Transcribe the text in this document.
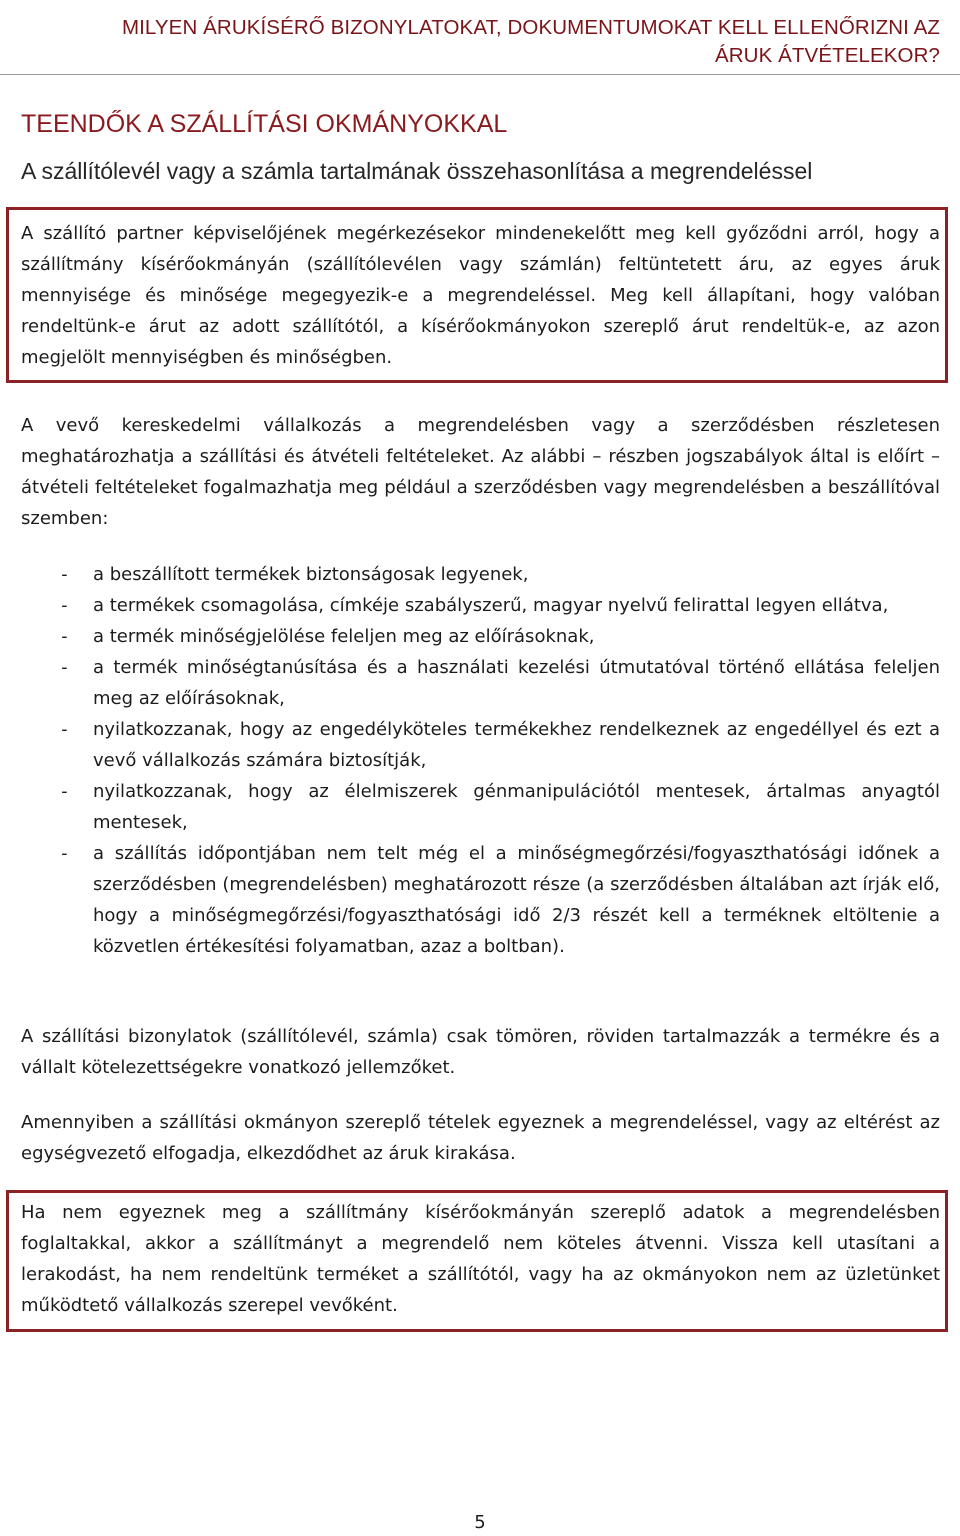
MILYEN ÁRUKÍSÉRŐ BIZONYLATOKAT, DOKUMENTUMOKAT KELL ELLENŐRIZNI AZ ÁRUK ÁTVÉTELEKOR?
TEENDŐK A SZÁLLÍTÁSI OKMÁNYOKKAL
A szállítólevél vagy a számla tartalmának összehasonlítása a megrendeléssel

A szállító partner képviselőjének megérkezésekor mindenekelőtt meg kell győződni arról, hogy a szállítmány kísérőokmányán (szállítólevélen vagy számlán) feltüntetett áru, az egyes áruk mennyisége és minősége megegyezik-e a megrendeléssel. Meg kell állapítani, hogy valóban rendeltünk-e árut az adott szállítótól, a kísérőokmányokon szereplő árut rendeltük-e, az azon megjelölt mennyiségben és minőségben.

A vevő kereskedelmi vállalkozás a megrendelésben vagy a szerződésben részletesen meghatározhatja a szállítási és átvételi feltételeket. Az alábbi – részben jogszabályok által is előírt – átvételi feltételeket fogalmazhatja meg például a szerződésben vagy megrendelésben a beszállítóval szemben:

- a beszállított termékek biztonságosak legyenek,
- a termékek csomagolása, címkéje szabályszerű, magyar nyelvű felirattal legyen ellátva,
- a termék minőségjelölése feleljen meg az előírásoknak,
- a termék minőségtanúsítása és a használati kezelési útmutatóval történő ellátása feleljen meg az előírásoknak,
- nyilatkozzanak, hogy az engedélyköteles termékekhez rendelkeznek az engedéllyel és ezt a vevő vállalkozás számára biztosítják,
- nyilatkozzanak, hogy az élelmiszerek génmanipulációtól mentesek, ártalmas anyagtól mentesek,
- a szállítás időpontjában nem telt még el a minőségmegőrzési/fogyaszthatósági időnek a szerződésben (megrendelésben) meghatározott része (a szerződésben általában azt írják elő, hogy a minőségmegőrzési/fogyaszthatósági idő 2/3 részét kell a terméknek eltöltenie a közvetlen értékesítési folyamatban, azaz a boltban).

A szállítási bizonylatok (szállítólevél, számla) csak tömören, röviden tartalmazzák a termékre és a vállalt kötelezettségekre vonatkozó jellemzőket.

Amennyiben a szállítási okmányon szereplő tételek egyeznek a megrendeléssel, vagy az eltérést az egységvezető elfogadja, elkezdődhet az áruk kirakása.

Ha nem egyeznek meg a szállítmány kísérőokmányán szereplő adatok a megrendelésben foglaltakkal, akkor a szállítmányt a megrendelő nem köteles átvenni. Vissza kell utasítani a lerakodást, ha nem rendeltünk terméket a szállítótól, vagy ha az okmányokon nem az üzletünket működtető vállalkozás szerepel vevőként.

5
